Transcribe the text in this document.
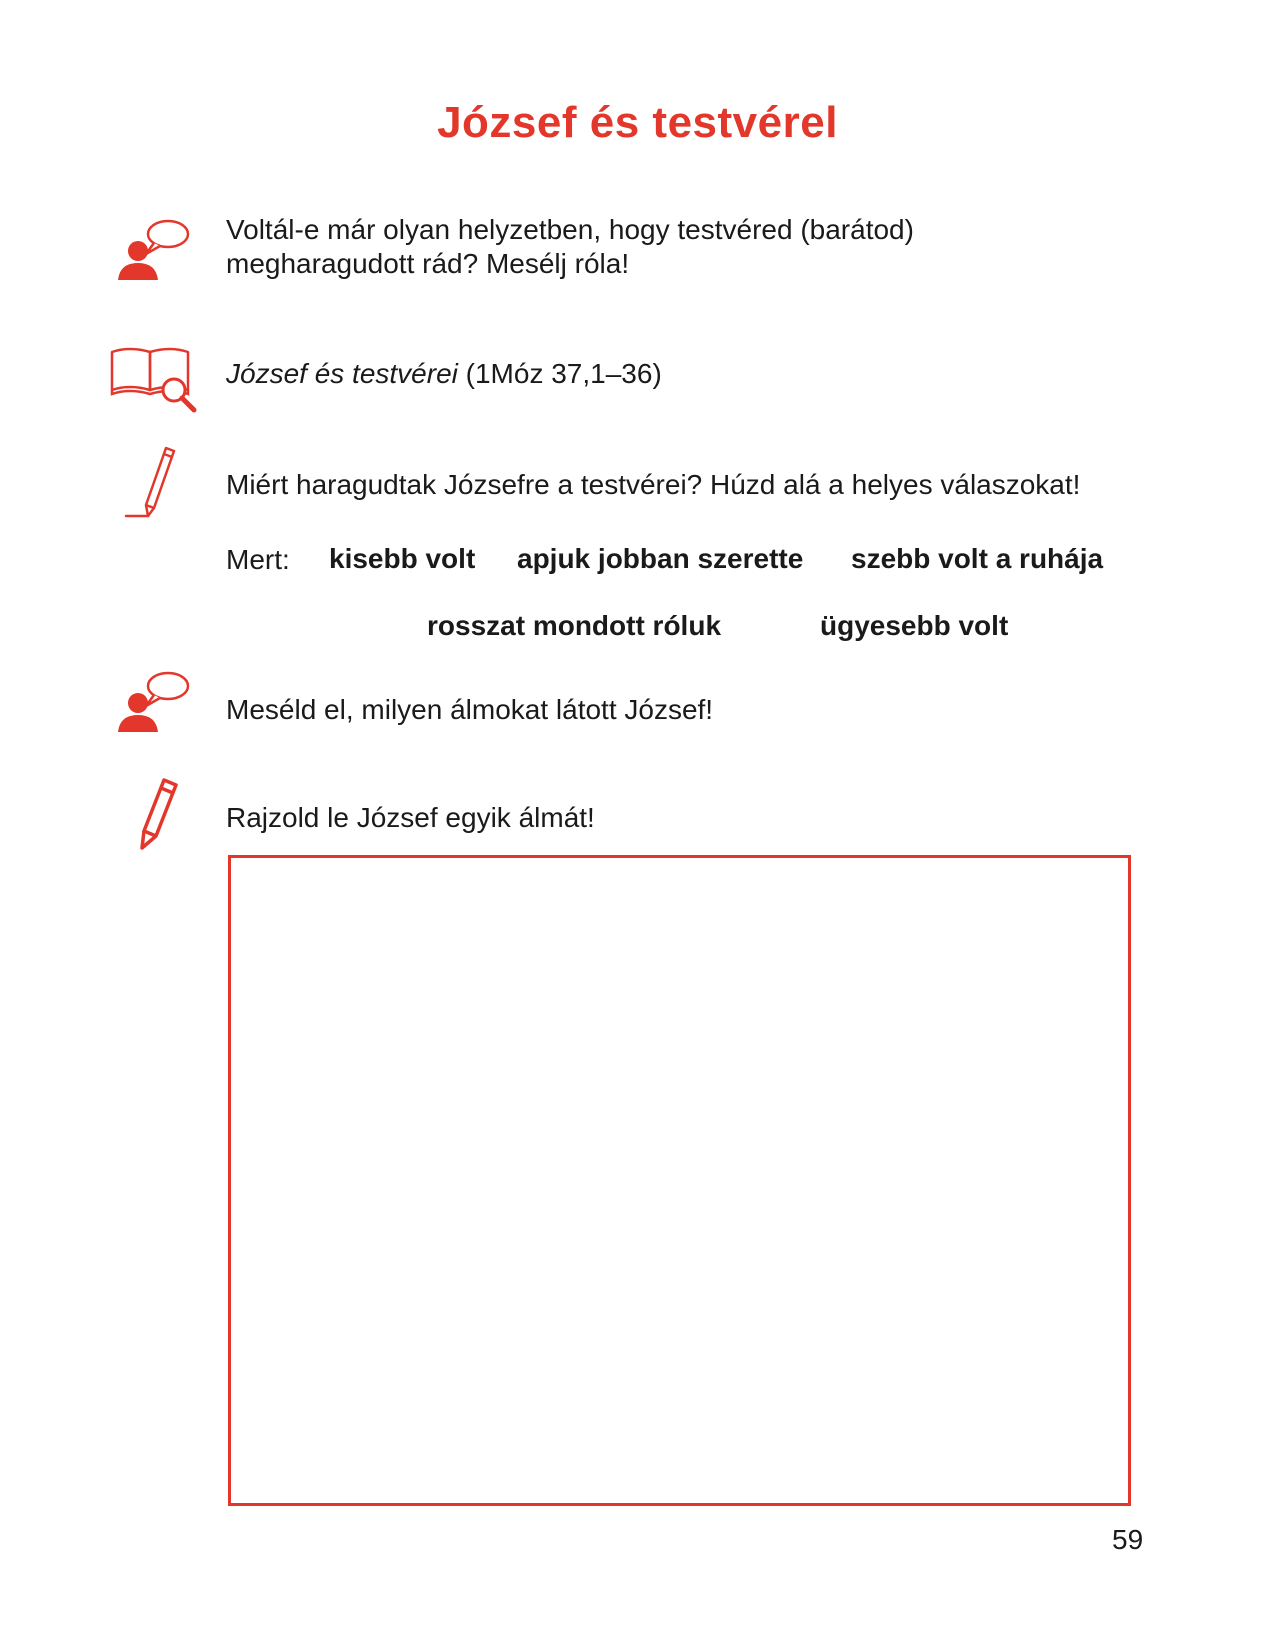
József és testvérel
Voltál-e már olyan helyzetben, hogy testvéred (barátod)
megharagudott rád? Mesélj róla!
József és testvérei (1Móz 37,1–36)
Miért haragudtak Józsefre a testvérei? Húzd alá a helyes válaszokat!
Mert: kisebb volt apjuk jobban szerette szebb volt a ruhája
rosszat mondott róluk	ügyesebb volt
Meséld el, milyen álmokat látott József!
Rajzold le József egyik álmát!
59
